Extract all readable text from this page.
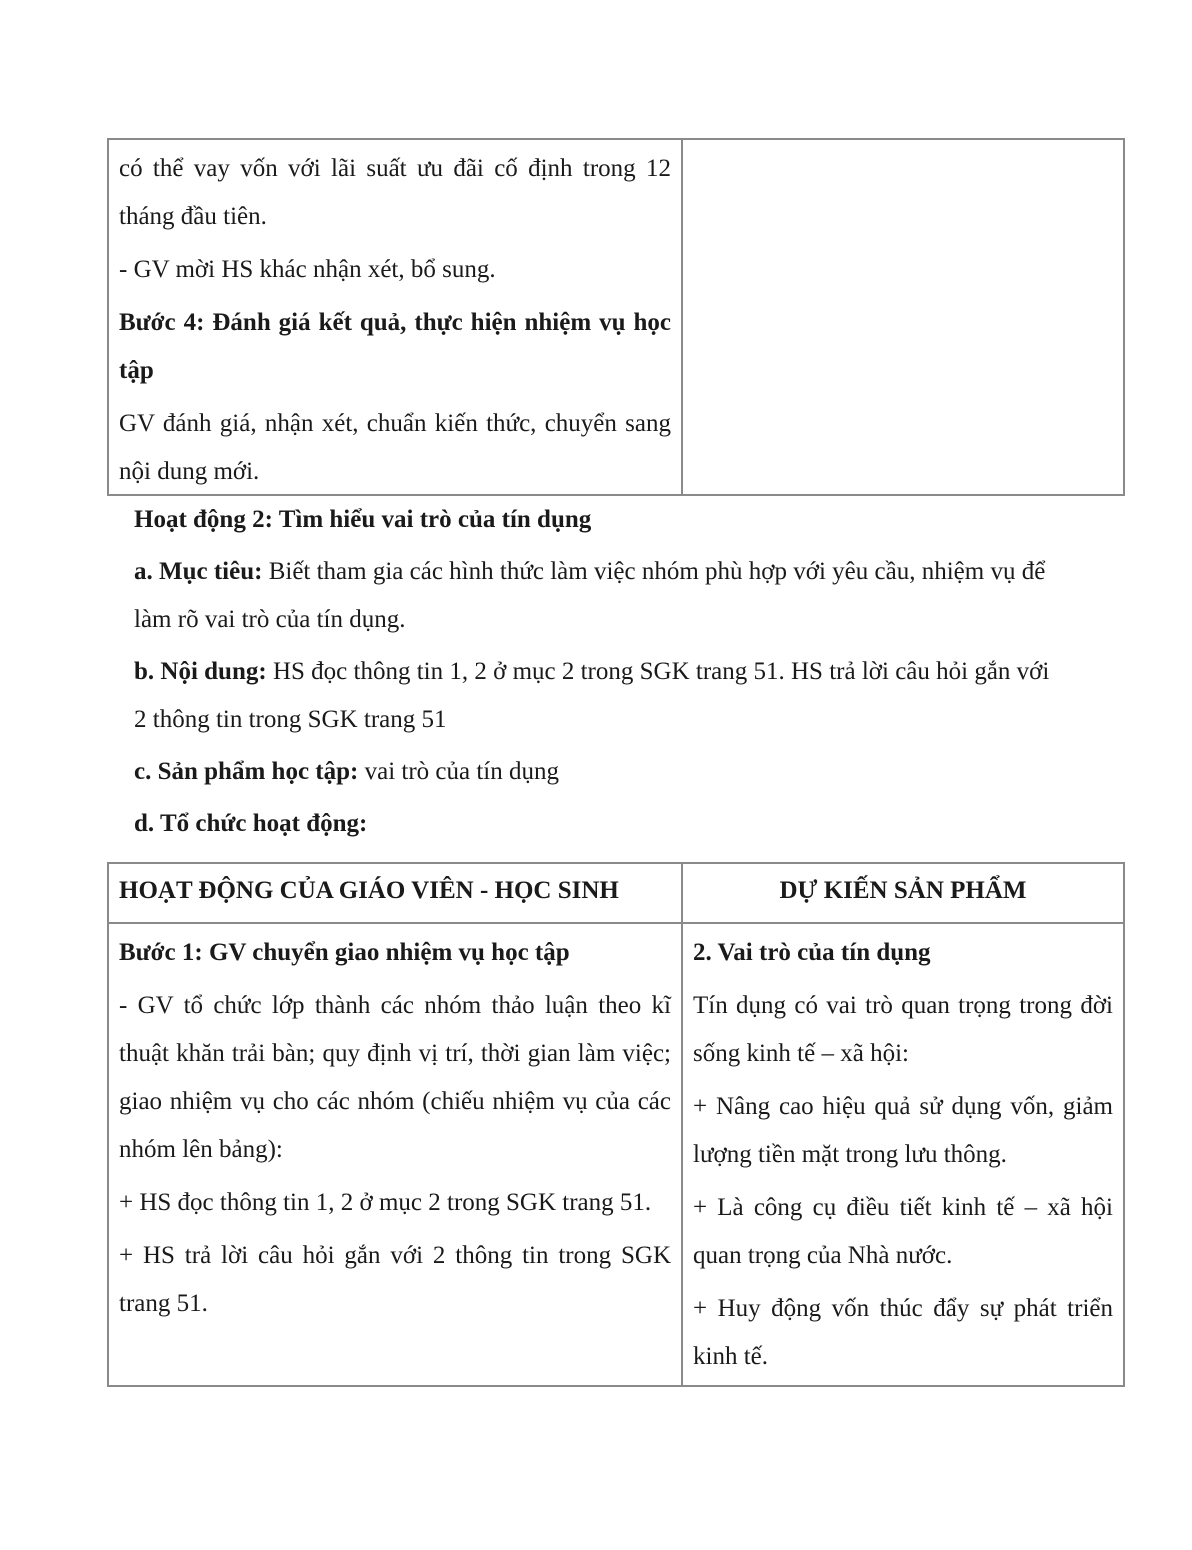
có thể vay vốn với lãi suất ưu đãi cố định trong 12 tháng đầu tiên.

- GV mời HS khác nhận xét, bổ sung.

Bước 4: Đánh giá kết quả, thực hiện nhiệm vụ học tập

GV đánh giá, nhận xét, chuẩn kiến thức, chuyển sang nội dung mới.

Hoạt động 2: Tìm hiểu vai trò của tín dụng

a. Mục tiêu: Biết tham gia các hình thức làm việc nhóm phù hợp với yêu cầu, nhiệm vụ để làm rõ vai trò của tín dụng.

b. Nội dung: HS đọc thông tin 1, 2 ở mục 2 trong SGK trang 51. HS trả lời câu hỏi gắn với 2 thông tin trong SGK trang 51

c. Sản phẩm học tập: vai trò của tín dụng

d. Tổ chức hoạt động:

HOẠT ĐỘNG CỦA GIÁO VIÊN - HỌC SINH	DỰ KIẾN SẢN PHẨM

Bước 1: GV chuyển giao nhiệm vụ học tập

- GV tổ chức lớp thành các nhóm thảo luận theo kĩ thuật khăn trải bàn; quy định vị trí, thời gian làm việc; giao nhiệm vụ cho các nhóm (chiếu nhiệm vụ của các nhóm lên bảng):

+ HS đọc thông tin 1, 2 ở mục 2 trong SGK trang 51.

+ HS trả lời câu hỏi gắn với 2 thông tin trong SGK trang 51.

2. Vai trò của tín dụng

Tín dụng có vai trò quan trọng trong đời sống kinh tế – xã hội:

+ Nâng cao hiệu quả sử dụng vốn, giảm lượng tiền mặt trong lưu thông.

+ Là công cụ điều tiết kinh tế – xã hội quan trọng của Nhà nước.

+ Huy động vốn thúc đẩy sự phát triển kinh tế.
